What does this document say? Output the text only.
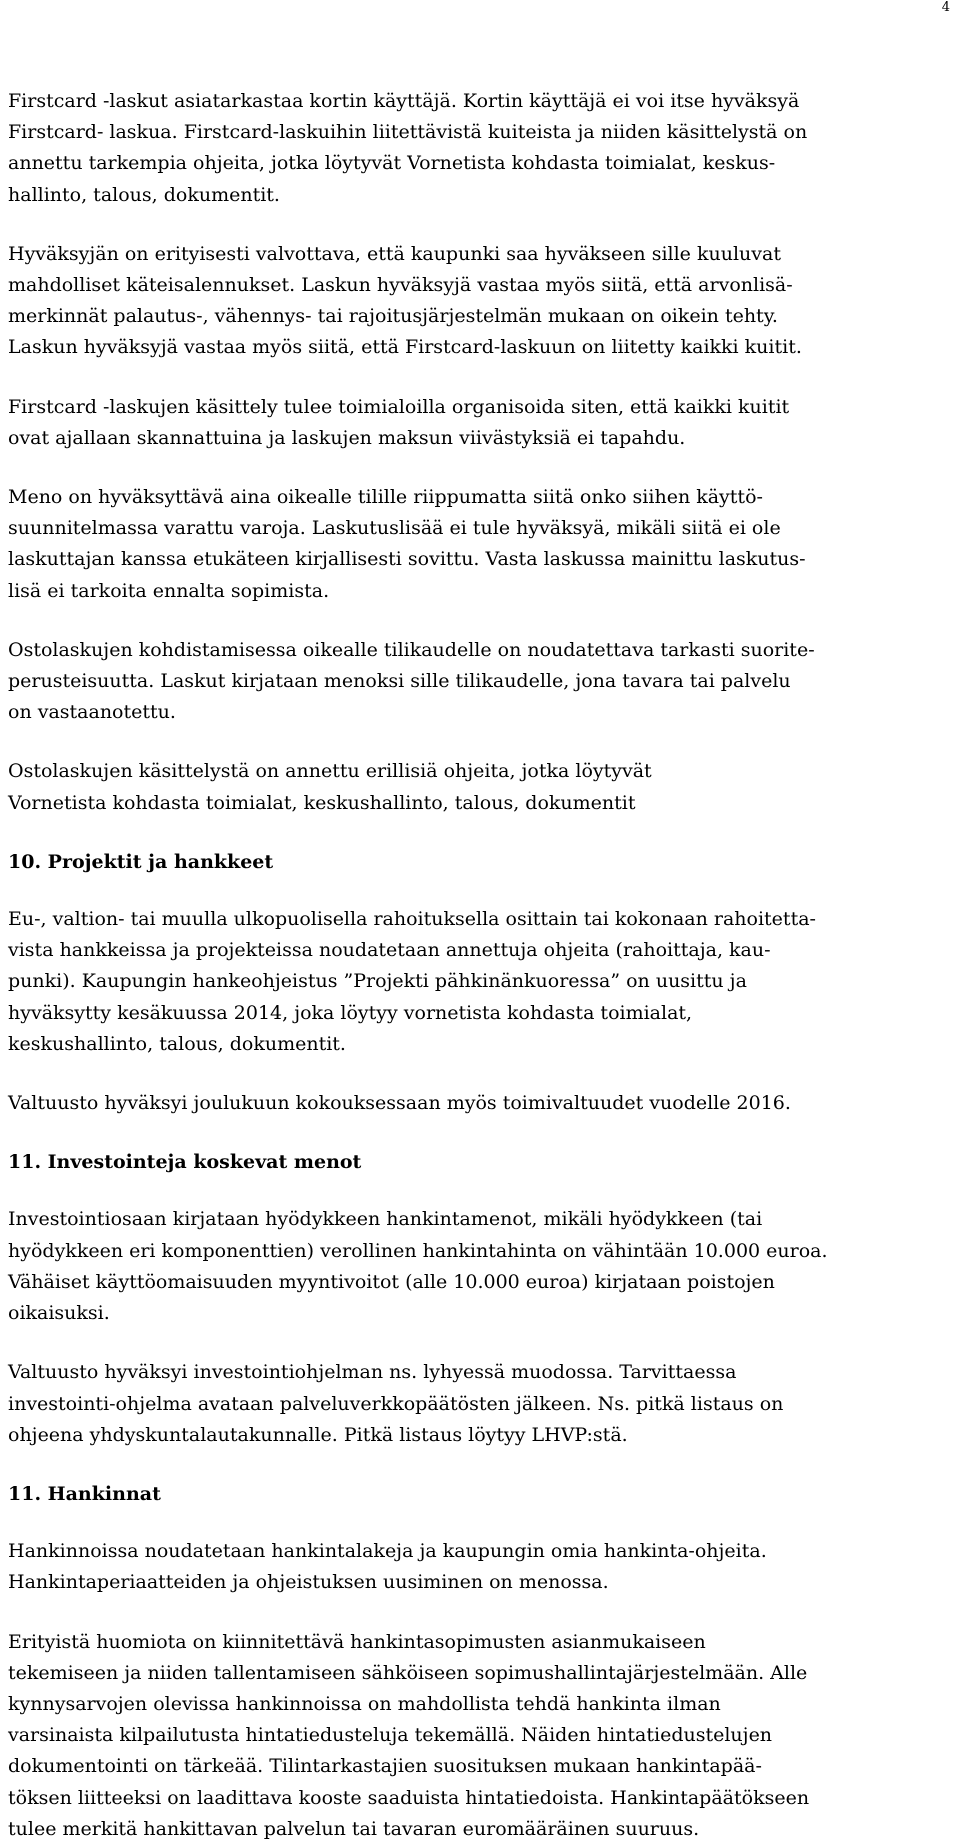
4

Firstcard -laskut asiatarkastaa kortin käyttäjä. Kortin käyttäjä ei voi itse hyväksyä
Firstcard- laskua. Firstcard-laskuihin liitettävistä kuiteista ja niiden käsittelystä on
annettu tarkempia ohjeita, jotka löytyvät Vornetista kohdasta toimialat, keskus-
hallinto, talous, dokumentit.

Hyväksyjän on erityisesti valvottava, että kaupunki saa hyväkseen sille kuuluvat
mahdolliset käteisalennukset. Laskun hyväksyjä vastaa myös siitä, että arvonlisä-
merkinnät palautus-, vähennys- tai rajoitusjärjestelmän mukaan on oikein tehty.
Laskun hyväksyjä vastaa myös siitä, että Firstcard-laskuun on liitetty kaikki kuitit.

Firstcard -laskujen käsittely tulee toimialoilla organisoida siten, että kaikki kuitit
ovat ajallaan skannattuina ja laskujen maksun viivästyksiä ei tapahdu.

Meno on hyväksyttävä aina oikealle tilille riippumatta siitä onko siihen käyttö-
suunnitelmassa varattu varoja. Laskutuslisää ei tule hyväksyä, mikäli siitä ei ole
laskuttajan kanssa etukäteen kirjallisesti sovittu. Vasta laskussa mainittu laskutus-
lisä ei tarkoita ennalta sopimista.

Ostolaskujen kohdistamisessa oikealle tilikaudelle on noudatettava tarkasti suorite-
perusteisuutta. Laskut kirjataan menoksi sille tilikaudelle, jona tavara tai palvelu
on vastaanotettu.

Ostolaskujen käsittelystä on annettu erillisiä ohjeita, jotka löytyvät
Vornetista kohdasta toimialat, keskushallinto, talous, dokumentit

10. Projektit ja hankkeet

Eu-, valtion- tai muulla ulkopuolisella rahoituksella osittain tai kokonaan rahoitetta-
vista hankkeissa ja projekteissa noudatetaan annettuja ohjeita (rahoittaja, kau-
punki). Kaupungin hankeohjeistus ”Projekti pähkinänkuoressa” on uusittu ja
hyväksytty kesäkuussa 2014, joka löytyy vornetista kohdasta toimialat,
keskushallinto, talous, dokumentit.

Valtuusto hyväksyi joulukuun kokouksessaan myös toimivaltuudet vuodelle 2016.

11. Investointeja koskevat menot

Investointiosaan kirjataan hyödykkeen hankintamenot, mikäli hyödykkeen (tai
hyödykkeen eri komponenttien) verollinen hankintahinta on vähintään 10.000 euroa.
Vähäiset käyttöomaisuuden myyntivoitot (alle 10.000 euroa) kirjataan poistojen
oikaisuksi.

Valtuusto hyväksyi investointiohjelman ns. lyhyessä muodossa. Tarvittaessa
investointi-ohjelma avataan palveluverkkopäätösten jälkeen. Ns. pitkä listaus on
ohjeena yhdyskuntalautakunnalle. Pitkä listaus löytyy LHVP:stä.

11. Hankinnat

Hankinnoissa noudatetaan hankintalakeja ja kaupungin omia hankinta-ohjeita.
Hankintaperiaatteiden ja ohjeistuksen uusiminen on menossa.

Erityistä huomiota on kiinnitettävä hankintasopimusten asianmukaiseen
tekemiseen ja niiden tallentamiseen sähköiseen sopimushallintajärjestelmään. Alle
kynnysarvojen olevissa hankinnoissa on mahdollista tehdä hankinta ilman
varsinaista kilpailutusta hintatiedusteluja tekemällä. Näiden hintatiedustelujen
dokumentointi on tärkeää. Tilintarkastajien suosituksen mukaan hankintapää-
töksen liitteeksi on laadittava kooste saaduista hintatiedoista. Hankintapäätökseen
tulee merkitä hankittavan palvelun tai tavaran euromääräinen suuruus.
